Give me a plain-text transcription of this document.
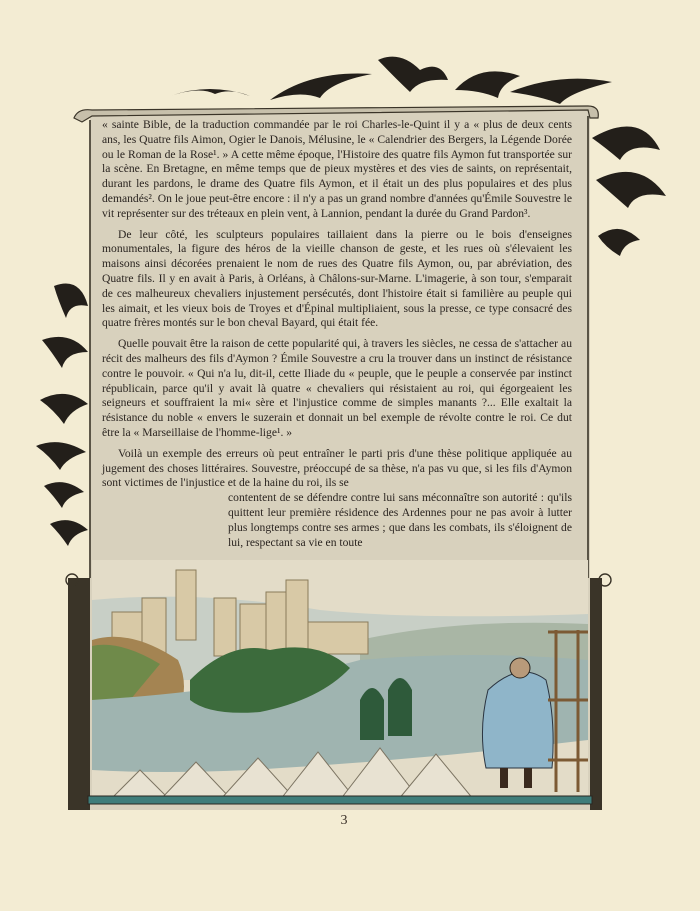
« sainte Bible, de la traduction commandée par le roi Charles-le-Quint il y a « plus de deux cents ans, les Quatre fils Aimon, Ogier le Danois, Mélusine, le « Calendrier des Bergers, la Légende Dorée ou le Roman de la Rose¹. » A cette même époque, l'Histoire des quatre fils Aymon fut transportée sur la scène. En Bretagne, en même temps que de pieux mystères et des vies de saints, on représentait, durant les pardons, le drame des Quatre fils Aymon, et il était un des plus populaires et des plus demandés². On le joue peut-être encore : il n'y a pas un grand nombre d'années qu'Émile Souvestre le vit représenter sur des tréteaux en plein vent, à Lannion, pendant la durée du Grand Pardon³.

De leur côté, les sculpteurs populaires taillaient dans la pierre ou le bois d'enseignes monumentales, la figure des héros de la vieille chanson de geste, et les rues où s'élevaient les maisons ainsi décorées prenaient le nom de rues des Quatre fils Aymon, ou, par abréviation, des Quatre fils. Il y en avait à Paris, à Orléans, à Châlons-sur-Marne. L'imagerie, à son tour, s'emparait de ces malheureux chevaliers injustement persécutés, dont l'histoire était si familière au peuple qui les aimait, et les vieux bois de Troyes et d'Épinal multipliaient, sous la presse, ce type consacré des quatre frères montés sur le bon cheval Bayard, qui était fée.

Quelle pouvait être la raison de cette popularité qui, à travers les siècles, ne cessa de s'attacher au récit des malheurs des fils d'Aymon ? Émile Souvestre a cru la trouver dans un instinct de résistance contre le pouvoir. « Qui n'a lu, dit-il, cette Iliade du « peuple, que le peuple a conservée par instinct républicain, parce qu'il y avait là quatre « chevaliers qui résistaient au roi, qui égorgeaient les seigneurs et souffraient la mi« sère et l'injustice comme de simples manants ?... Elle exaltait la résistance du noble « envers le suzerain et donnait un bel exemple de révolte contre le roi. Ce dut être la « Marseillaise de l'homme-lige¹. »

Voilà un exemple des erreurs où peut entraîner le parti pris d'une thèse politique appliquée au jugement des choses littéraires. Souvestre, préoccupé de sa thèse, n'a pas vu que, si les fils d'Aymon sont victimes de l'injustice et de la haine du roi, ils se
contentent de se défendre contre lui sans méconnaître son autorité : qu'ils quittent leur première résidence des Ardennes pour ne pas avoir à lutter plus longtemps contre ses armes ; que dans les combats, ils s'éloignent de lui, respectant sa vie en toute

3
